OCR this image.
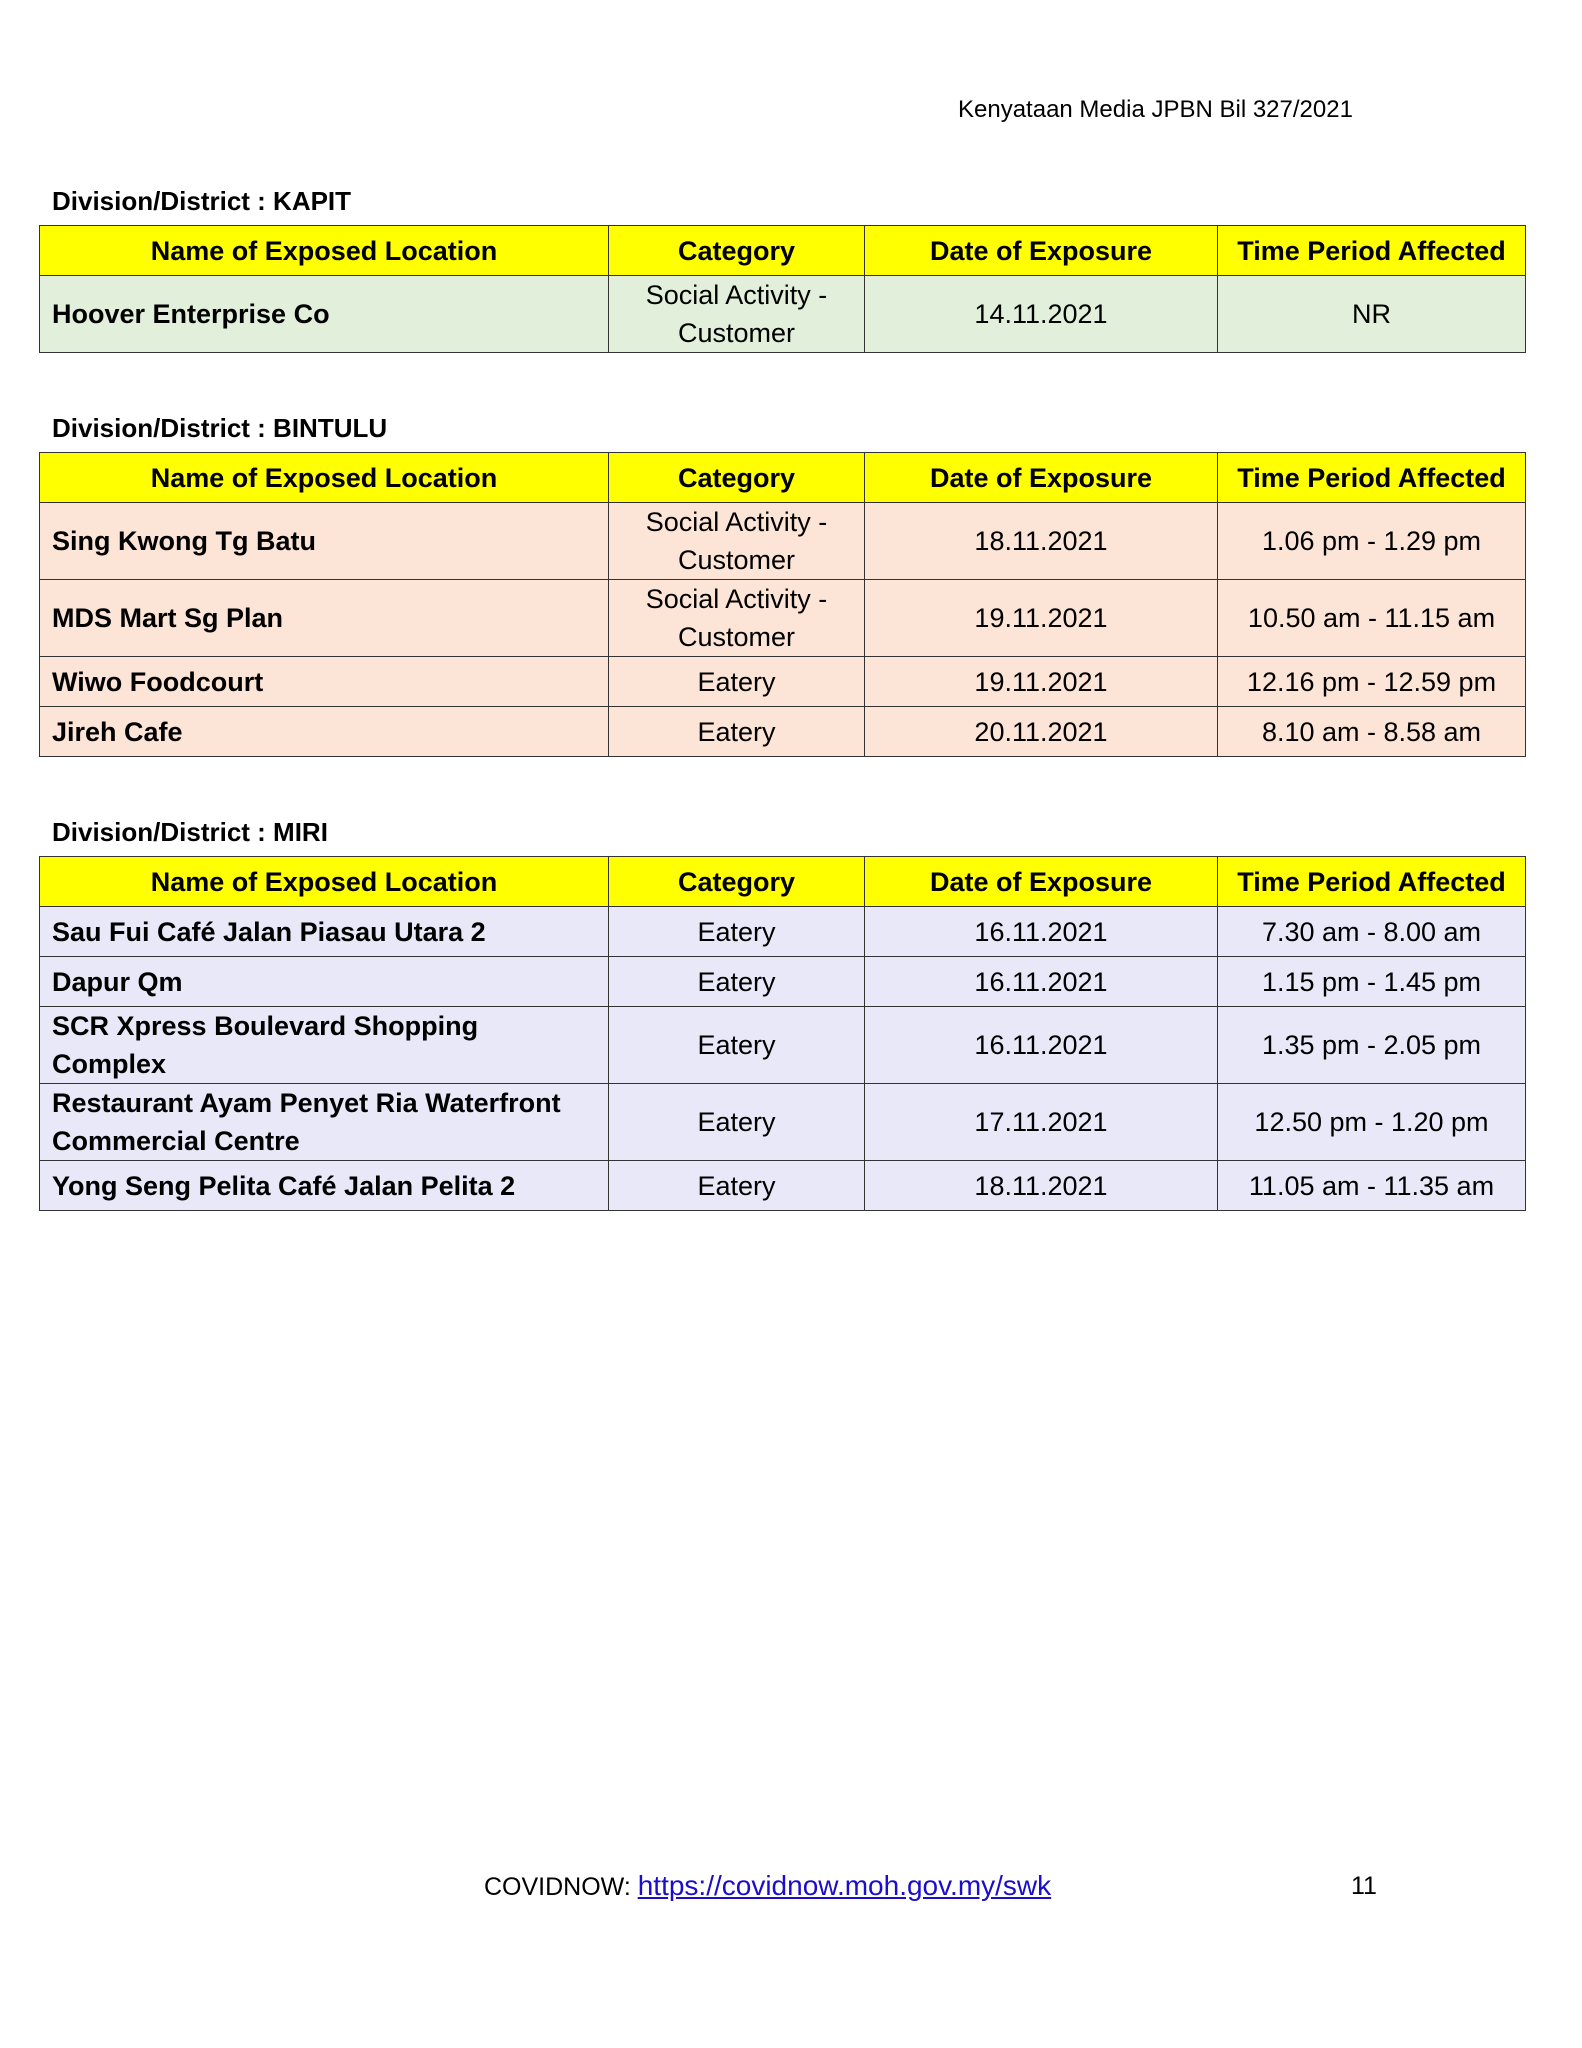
Kenyataan Media JPBN Bil 327/2021
Division/District : KAPIT
Name of Exposed Location	Category	Date of Exposure	Time Period Affected
Hoover Enterprise Co	Social Activity - Customer	14.11.2021	NR
Division/District : BINTULU
Name of Exposed Location	Category	Date of Exposure	Time Period Affected
Sing Kwong Tg Batu	Social Activity - Customer	18.11.2021	1.06 pm - 1.29 pm
MDS Mart Sg Plan	Social Activity - Customer	19.11.2021	10.50 am - 11.15 am
Wiwo Foodcourt	Eatery	19.11.2021	12.16 pm - 12.59 pm
Jireh Cafe	Eatery	20.11.2021	8.10 am - 8.58 am
Division/District : MIRI
Name of Exposed Location	Category	Date of Exposure	Time Period Affected
Sau Fui Café Jalan Piasau Utara 2	Eatery	16.11.2021	7.30 am - 8.00 am
Dapur Qm	Eatery	16.11.2021	1.15 pm - 1.45 pm
SCR Xpress Boulevard Shopping Complex	Eatery	16.11.2021	1.35 pm - 2.05 pm
Restaurant Ayam Penyet Ria Waterfront Commercial Centre	Eatery	17.11.2021	12.50 pm - 1.20 pm
Yong Seng Pelita Café Jalan Pelita 2	Eatery	18.11.2021	11.05 am - 11.35 am
COVIDNOW: https://covidnow.moh.gov.my/swk	11
